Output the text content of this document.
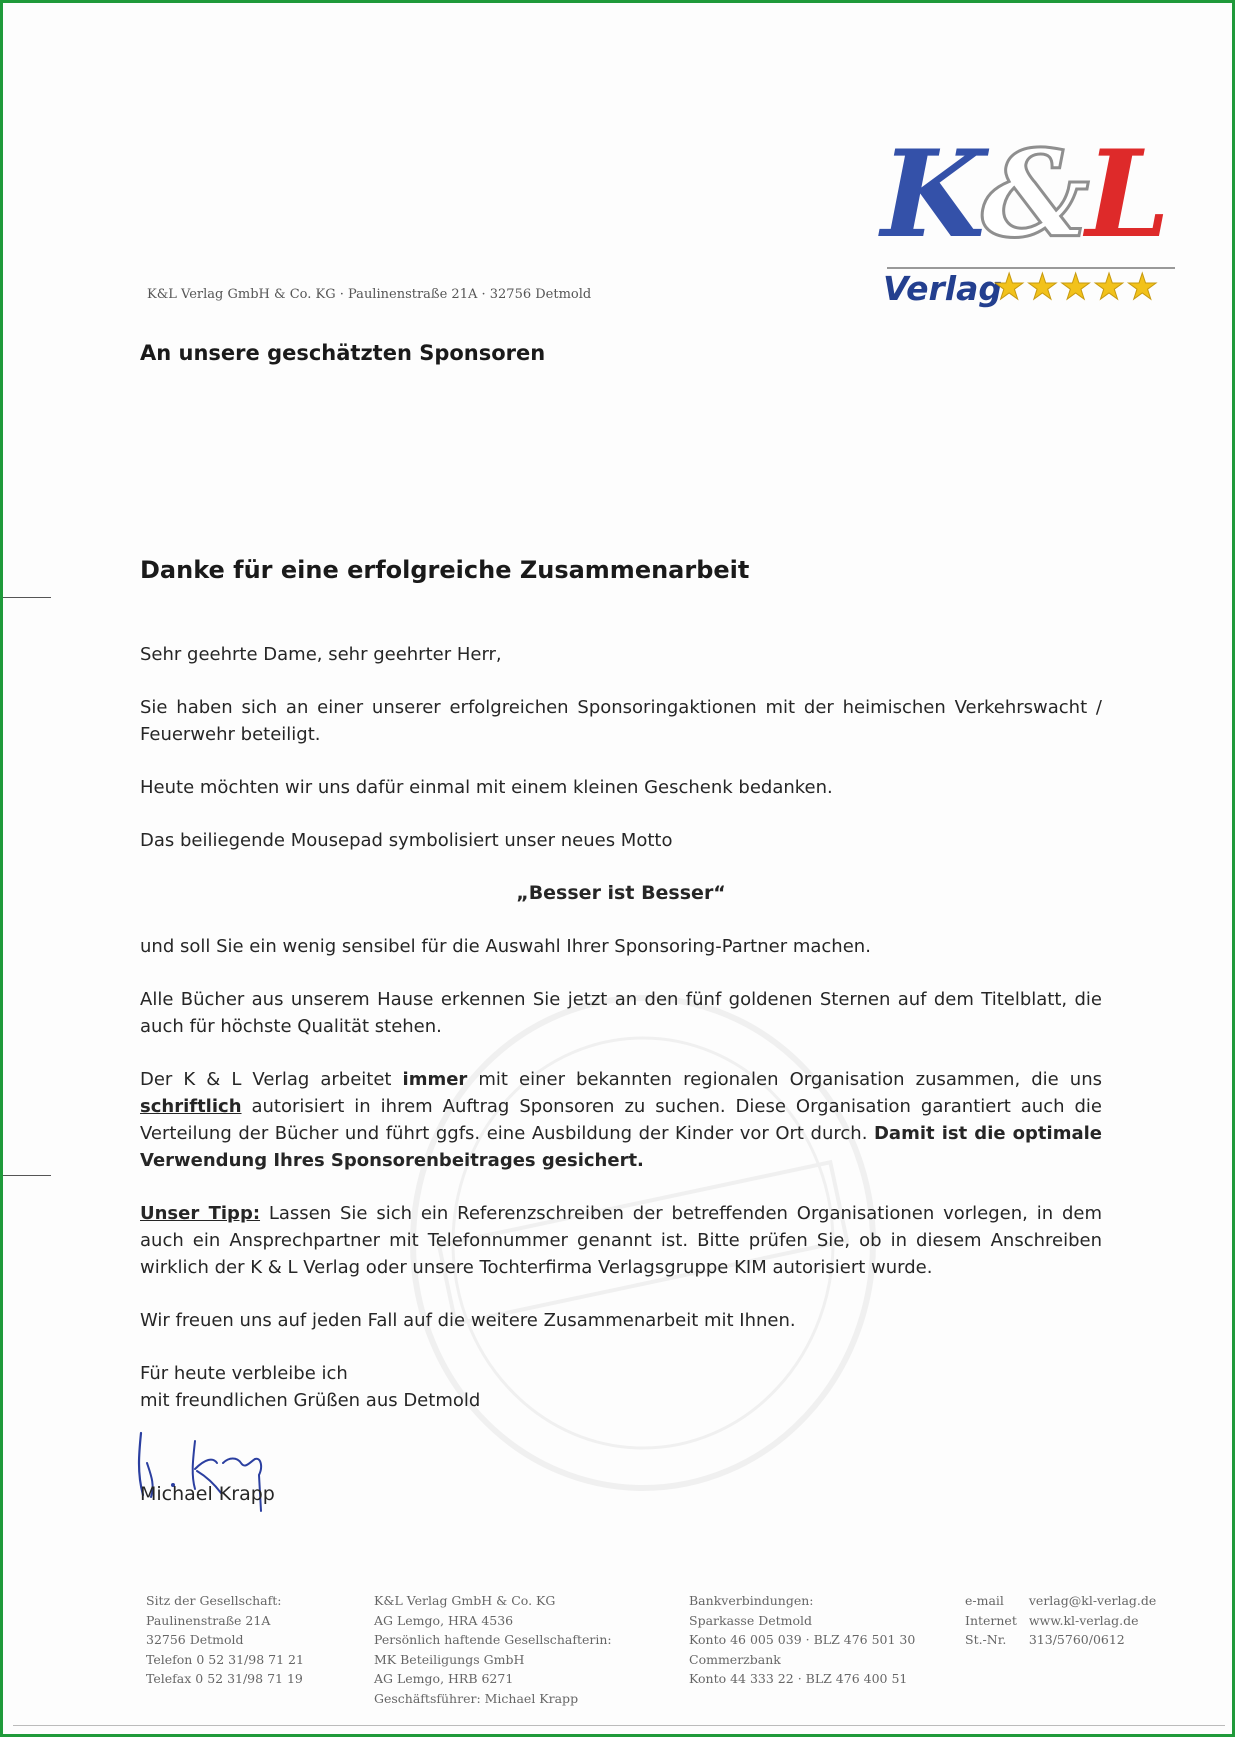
K&L
Verlag
★★★★★
K&L Verlag GmbH & Co. KG · Paulinenstraße 21A · 32756 Detmold
An unsere geschätzten Sponsoren
Danke für eine erfolgreiche Zusammenarbeit

Sehr geehrte Dame, sehr geehrter Herr,

Sie haben sich an einer unserer erfolgreichen Sponsoringaktionen mit der heimischen Verkehrswacht / Feuerwehr beteiligt.

Heute möchten wir uns dafür einmal mit einem kleinen Geschenk bedanken.

Das beiliegende Mousepad symbolisiert unser neues Motto

„Besser ist Besser“

und soll Sie ein wenig sensibel für die Auswahl Ihrer Sponsoring-Partner machen.

Alle Bücher aus unserem Hause erkennen Sie jetzt an den fünf goldenen Sternen auf dem Titelblatt, die auch für höchste Qualität stehen.

Der K & L Verlag arbeitet immer mit einer bekannten regionalen Organisation zusammen, die uns schriftlich autorisiert in ihrem Auftrag Sponsoren zu suchen. Diese Organisation garantiert auch die Verteilung der Bücher und führt ggfs. eine Ausbildung der Kinder vor Ort durch. Damit ist die optimale Verwendung Ihres Sponsorenbeitrages gesichert.

Unser Tipp: Lassen Sie sich ein Referenzschreiben der betreffenden Organisationen vorlegen, in dem auch ein Ansprechpartner mit Telefonnummer genannt ist. Bitte prüfen Sie, ob in diesem Anschreiben wirklich der K & L Verlag oder unsere Tochterfirma Verlagsgruppe KIM autorisiert wurde.

Wir freuen uns auf jeden Fall auf die weitere Zusammenarbeit mit Ihnen.

Für heute verbleibe ich

mit freundlichen Grüßen aus Detmold

Michael Krapp
Sitz der Gesellschaft:
Paulinenstraße 21A
32756 Detmold
Telefon 0 52 31/98 71 21
Telefax 0 52 31/98 71 19
K&L Verlag GmbH & Co. KG
AG Lemgo, HRA 4536
Persönlich haftende Gesellschafterin:
MK Beteiligungs GmbH
AG Lemgo, HRB 6271
Geschäftsführer: Michael Krapp
Bankverbindungen:
Sparkasse Detmold
Konto 46 005 039 · BLZ 476 501 30
Commerzbank
Konto 44 333 22 · BLZ 476 400 51
e-mail	verlag@kl-verlag.de
Internet	www.kl-verlag.de
St.-Nr.	313/5760/0612
